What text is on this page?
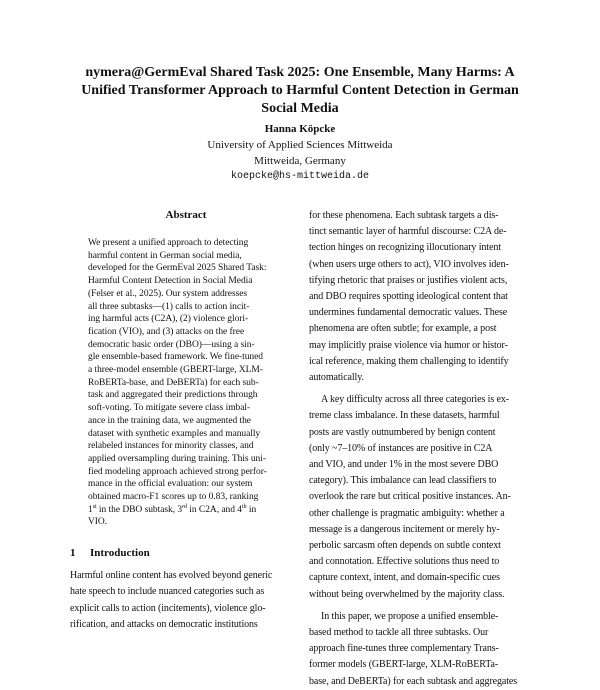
nymera@GermEval Shared Task 2025: One Ensemble, Many Harms: A
Unified Transformer Approach to Harmful Content Detection in German
Social Media
Hanna Köpcke
University of Applied Sciences Mittweida
Mittweida, Germany
koepcke@hs-mittweida.de
Abstract
We present a unified approach to detecting
harmful content in German social media,
developed for the GermEval 2025 Shared Task:
Harmful Content Detection in Social Media
(Felser et al., 2025). Our system addresses
all three subtasks—(1) calls to action incit-
ing harmful acts (C2A), (2) violence glori-
fication (VIO), and (3) attacks on the free
democratic basic order (DBO)—using a sin-
gle ensemble-based framework. We fine-tuned
a three-model ensemble (GBERT-large, XLM-
RoBERTa-base, and DeBERTa) for each sub-
task and aggregated their predictions through
soft-voting. To mitigate severe class imbal-
ance in the training data, we augmented the
dataset with synthetic examples and manually
relabeled instances for minority classes, and
applied oversampling during training. This uni-
fied modeling approach achieved strong perfor-
mance in the official evaluation: our system
obtained macro-F1 scores up to 0.83, ranking
1st in the DBO subtask, 3rd in C2A, and 4th in
VIO.
1 Introduction
Harmful online content has evolved beyond generic
hate speech to include nuanced categories such as
explicit calls to action (incitements), violence glo-
rification, and attacks on democratic institutions
for these phenomena. Each subtask targets a dis-
tinct semantic layer of harmful discourse: C2A de-
tection hinges on recognizing illocutionary intent
(when users urge others to act), VIO involves iden-
tifying rhetoric that praises or justifies violent acts,
and DBO requires spotting ideological content that
undermines fundamental democratic values. These
phenomena are often subtle; for example, a post
may implicitly praise violence via humor or histor-
ical reference, making them challenging to identify
automatically.
A key difficulty across all three categories is ex-
treme class imbalance. In these datasets, harmful
posts are vastly outnumbered by benign content
(only ~7–10% of instances are positive in C2A
and VIO, and under 1% in the most severe DBO
category). This imbalance can lead classifiers to
overlook the rare but critical positive instances. An-
other challenge is pragmatic ambiguity: whether a
message is a dangerous incitement or merely hy-
perbolic sarcasm often depends on subtle context
and connotation. Effective solutions thus need to
capture context, intent, and domain-specific cues
without being overwhelmed by the majority class.
In this paper, we propose a unified ensemble-
based method to tackle all three subtasks. Our
approach fine-tunes three complementary Trans-
former models (GBERT-large, XLM-RoBERTa-
base, and DeBERTa) for each subtask and aggregates
